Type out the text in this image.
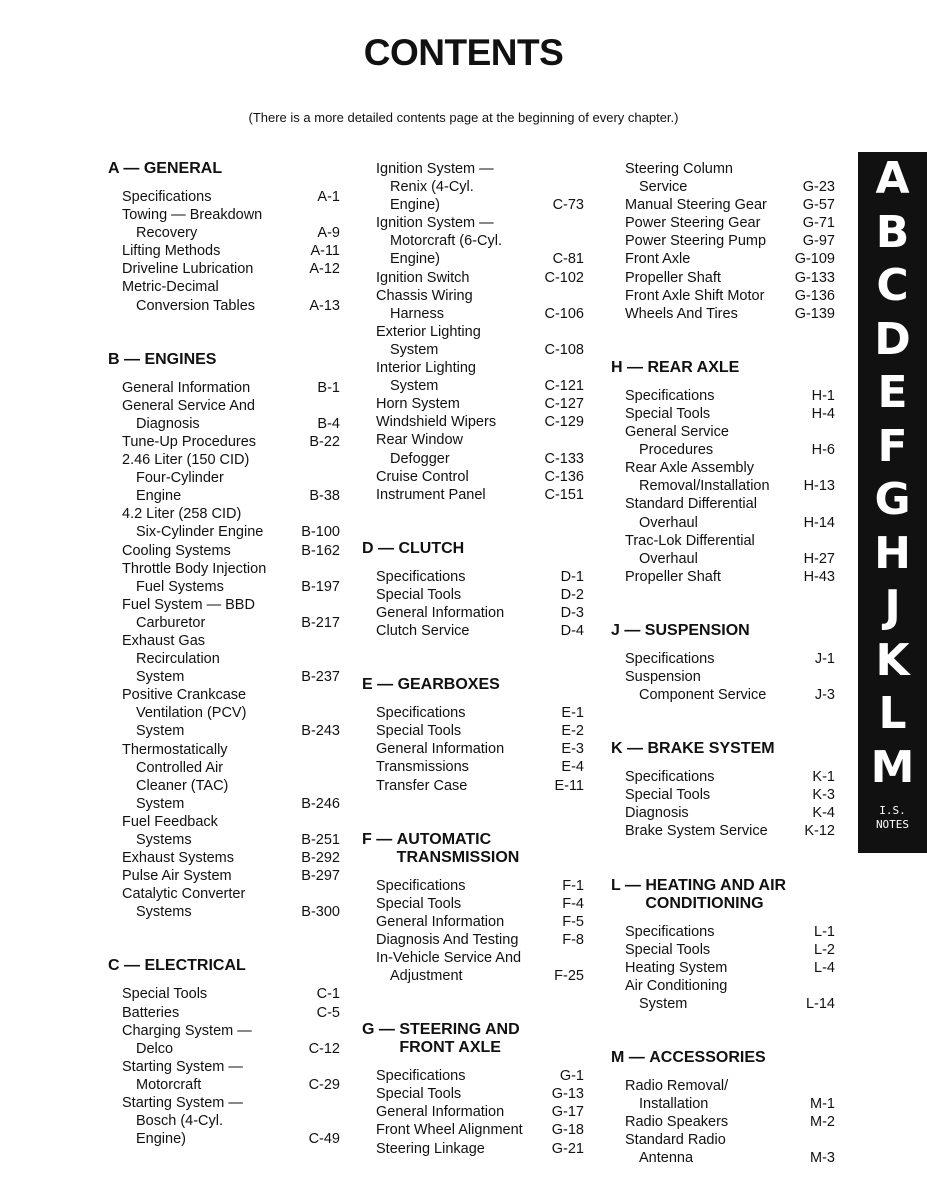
CONTENTS
(There is a more detailed contents page at the beginning of every chapter.)
A — GENERAL
Specifications	A-1
Towing — Breakdown
Recovery	A-9
Lifting Methods	A-11
Driveline Lubrication	A-12
Metric-Decimal
Conversion Tables	A-13
B — ENGINES
General Information	B-1
General Service And
Diagnosis	B-4
Tune-Up Procedures	B-22
2.46 Liter (150 CID)
Four-Cylinder
Engine	B-38
4.2 Liter (258 CID)
Six-Cylinder Engine	B-100
Cooling Systems	B-162
Throttle Body Injection
Fuel Systems	B-197
Fuel System — BBD
Carburetor	B-217
Exhaust Gas
Recirculation
System	B-237
Positive Crankcase
Ventilation (PCV)
System	B-243
Thermostatically
Controlled Air
Cleaner (TAC)
System	B-246
Fuel Feedback
Systems	B-251
Exhaust Systems	B-292
Pulse Air System	B-297
Catalytic Converter
Systems	B-300
C — ELECTRICAL
Special Tools	C-1
Batteries	C-5
Charging System —
Delco	C-12
Starting System —
Motorcraft	C-29
Starting System —
Bosch (4-Cyl.
Engine)	C-49
Ignition System —
Renix (4-Cyl.
Engine)	C-73
Ignition System —
Motorcraft (6-Cyl.
Engine)	C-81
Ignition Switch	C-102
Chassis Wiring
Harness	C-106
Exterior Lighting
System	C-108
Interior Lighting
System	C-121
Horn System	C-127
Windshield Wipers	C-129
Rear Window
Defogger	C-133
Cruise Control	C-136
Instrument Panel	C-151
D — CLUTCH
Specifications	D-1
Special Tools	D-2
General Information	D-3
Clutch Service	D-4
E — GEARBOXES
Specifications	E-1
Special Tools	E-2
General Information	E-3
Transmissions	E-4
Transfer Case	E-11
F — AUTOMATIC
TRANSMISSION
Specifications	F-1
Special Tools	F-4
General Information	F-5
Diagnosis And Testing	F-8
In-Vehicle Service And
Adjustment	F-25
G — STEERING AND
FRONT AXLE
Specifications	G-1
Special Tools	G-13
General Information	G-17
Front Wheel Alignment	G-18
Steering Linkage	G-21
Steering Column
Service	G-23
Manual Steering Gear	G-57
Power Steering Gear	G-71
Power Steering Pump	G-97
Front Axle	G-109
Propeller Shaft	G-133
Front Axle Shift Motor	G-136
Wheels And Tires	G-139
H — REAR AXLE
Specifications	H-1
Special Tools	H-4
General Service
Procedures	H-6
Rear Axle Assembly
Removal/Installation	H-13
Standard Differential
Overhaul	H-14
Trac-Lok Differential
Overhaul	H-27
Propeller Shaft	H-43
J — SUSPENSION
Specifications	J-1
Suspension
Component Service	J-3
K — BRAKE SYSTEM
Specifications	K-1
Special Tools	K-3
Diagnosis	K-4
Brake System Service	K-12
L — HEATING AND AIR
CONDITIONING
Specifications	L-1
Special Tools	L-2
Heating System	L-4
Air Conditioning
System	L-14
M — ACCESSORIES
Radio Removal/
Installation	M-1
Radio Speakers	M-2
Standard Radio
Antenna	M-3
A
B
C
D
E
F
G
H
J
K
L
M
I.S.
NOTES
